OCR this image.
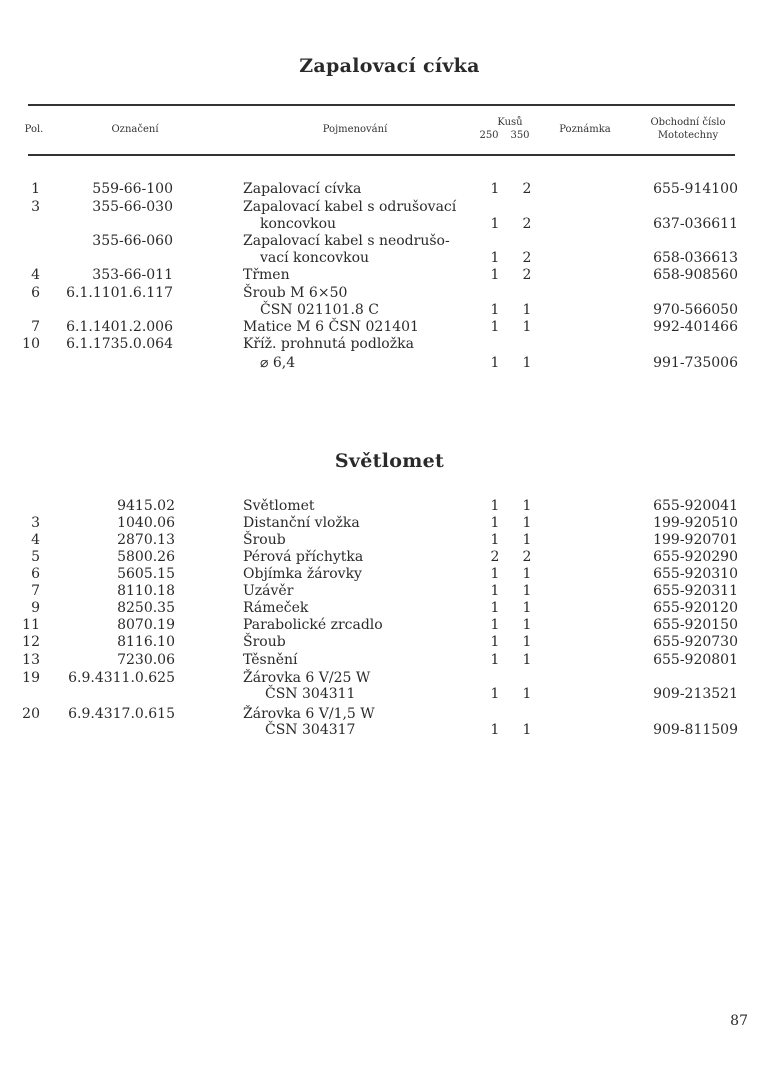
Zapalovací cívka
Pol.	Označení	Pojmenování
Kusů
250 350
Poznámka
Obchodní číslo
Mototechny
1	559-66-100	Zapalovací cívka	1 2	655-914100
3	355-66-030	Zapalovací kabel s odrušovací
koncovkou	1 2	637-036611
355-66-060	Zapalovací kabel s neodrušo-
vací koncovkou	1 2	658-036613
4	353-66-011	Třmen	1 2	658-908560
6	6.1.1101.6.117	Šroub M 6×50
ČSN 021101.8 C	1 1	970-566050
7	6.1.1401.2.006	Matice M 6 ČSN 021401	1 1	992-401466
10	6.1.1735.0.064	Kříž. prohnutá podložka
⌀ 6,4	1 1	991-735006
Světlomet
9415.02	Světlomet	1 1	655-920041
3	1040.06	Distanční vložka	1 1	199-920510
4	2870.13	Šroub	1 1	199-920701
5	5800.26	Pérová příchytka	2 2	655-920290
6	5605.15	Objímka žárovky	1 1	655-920310
7	8110.18	Uzávěr	1 1	655-920311
9	8250.35	Rámeček	1 1	655-920120
11	8070.19	Parabolické zrcadlo	1 1	655-920150
12	8116.10	Šroub	1 1	655-920730
13	7230.06	Těsnění	1 1	655-920801
19	6.9.4311.0.625	Žárovka 6 V/25 W
ČSN 304311	1 1	909-213521
20	6.9.4317.0.615	Žárovka 6 V/1,5 W
ČSN 304317	1 1	909-811509
87
